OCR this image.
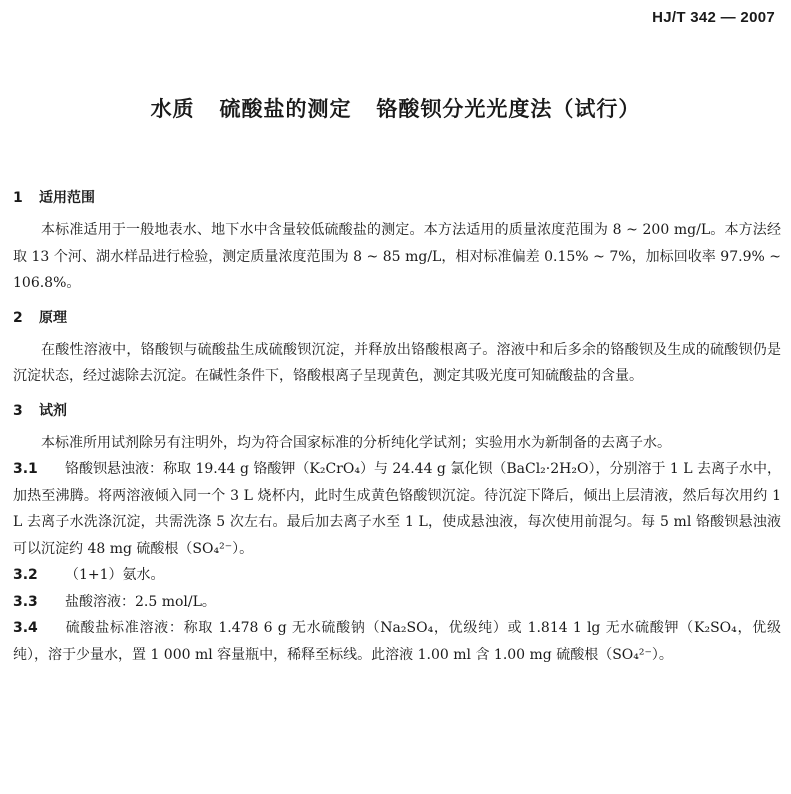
HJ/T 342 — 2007
水质   硫酸盐的测定   铬酸钡分光光度法（试行）

1 适用范围

本标准适用于一般地表水、地下水中含量较低硫酸盐的测定。本方法适用的质量浓度范围为 8 ~ 200 mg/L。本方法经取 13 个河、湖水样品进行检验，测定质量浓度范围为 8 ~ 85 mg/L，相对标准偏差 0.15% ~ 7%，加标回收率 97.9% ~ 106.8%。

2 原理

在酸性溶液中，铬酸钡与硫酸盐生成硫酸钡沉淀，并释放出铬酸根离子。溶液中和后多余的铬酸钡及生成的硫酸钡仍是沉淀状态，经过滤除去沉淀。在碱性条件下，铬酸根离子呈现黄色，测定其吸光度可知硫酸盐的含量。

3 试剂

本标准所用试剂除另有注明外，均为符合国家标准的分析纯化学试剂；实验用水为新制备的去离子水。

3.1 铬酸钡悬浊液：称取 19.44 g 铬酸钾（K₂CrO₄）与 24.44 g 氯化钡（BaCl₂·2H₂O），分别溶于 1 L 去离子水中，加热至沸腾。将两溶液倾入同一个 3 L 烧杯内，此时生成黄色铬酸钡沉淀。待沉淀下降后，倾出上层清液，然后每次用约 1 L 去离子水洗涤沉淀，共需洗涤 5 次左右。最后加去离子水至 1 L，使成悬浊液，每次使用前混匀。每 5 ml 铬酸钡悬浊液可以沉淀约 48 mg 硫酸根（SO₄²⁻）。

3.2 （1+1）氨水。

3.3 盐酸溶液：2.5 mol/L。

3.4 硫酸盐标准溶液：称取 1.478 6 g 无水硫酸钠（Na₂SO₄，优级纯）或 1.814 1 lg 无水硫酸钾（K₂SO₄，优级纯），溶于少量水，置 1 000 ml 容量瓶中，稀释至标线。此溶液 1.00 ml 含 1.00 mg 硫酸根（SO₄²⁻）。
